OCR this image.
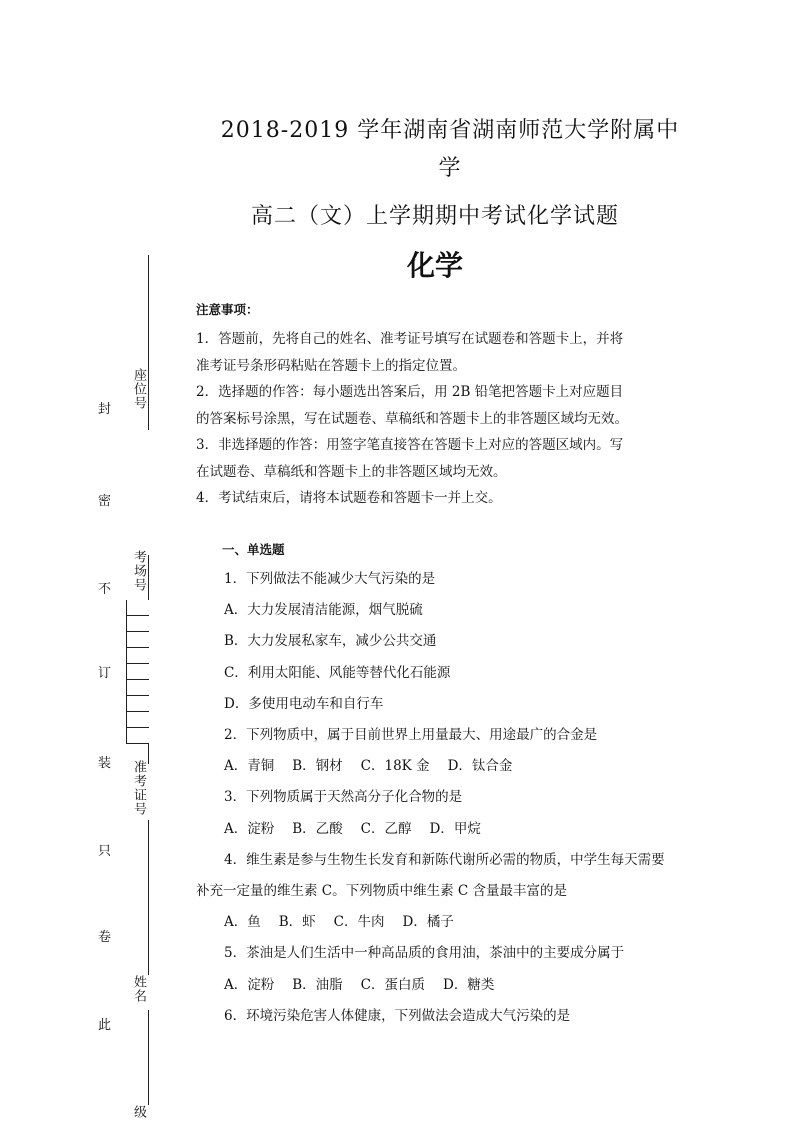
座位号
考场号
准考证号
姓名
级
封
密
不
订
装
只
卷
此
2018-2019 学年湖南省湖南师范大学附属中
学
高二（文）上学期期中考试化学试题
化学
注意事项：
1．答题前，先将自己的姓名、准考证号填写在试题卷和答题卡上，并将
准考证号条形码粘贴在答题卡上的指定位置。
2．选择题的作答：每小题选出答案后，用 2B 铅笔把答题卡上对应题目
的答案标号涂黑，写在试题卷、草稿纸和答题卡上的非答题区域均无效。
3．非选择题的作答：用签字笔直接答在答题卡上对应的答题区域内。写
在试题卷、草稿纸和答题卡上的非答题区域均无效。
4．考试结束后，请将本试题卷和答题卡一并上交。
一、单选题
1．下列做法不能减少大气污染的是
A．大力发展清洁能源，烟气脱硫
B．大力发展私家车，减少公共交通
C．利用太阳能、风能等替代化石能源
D．多使用电动车和自行车
2．下列物质中，属于目前世界上用量最大、用途最广的合金是
A．青铜 B．钢材 C．18K 金 D．钛合金
3．下列物质属于天然高分子化合物的是
A．淀粉 B．乙酸 C．乙醇 D．甲烷
4．维生素是参与生物生长发育和新陈代谢所必需的物质，中学生每天需要
补充一定量的维生素 C。下列物质中维生素 C 含量最丰富的是
A．鱼 B．虾 C．牛肉 D．橘子
5．茶油是人们生活中一种高品质的食用油，茶油中的主要成分属于
A．淀粉 B．油脂 C．蛋白质 D．糖类
6．环境污染危害人体健康，下列做法会造成大气污染的是
